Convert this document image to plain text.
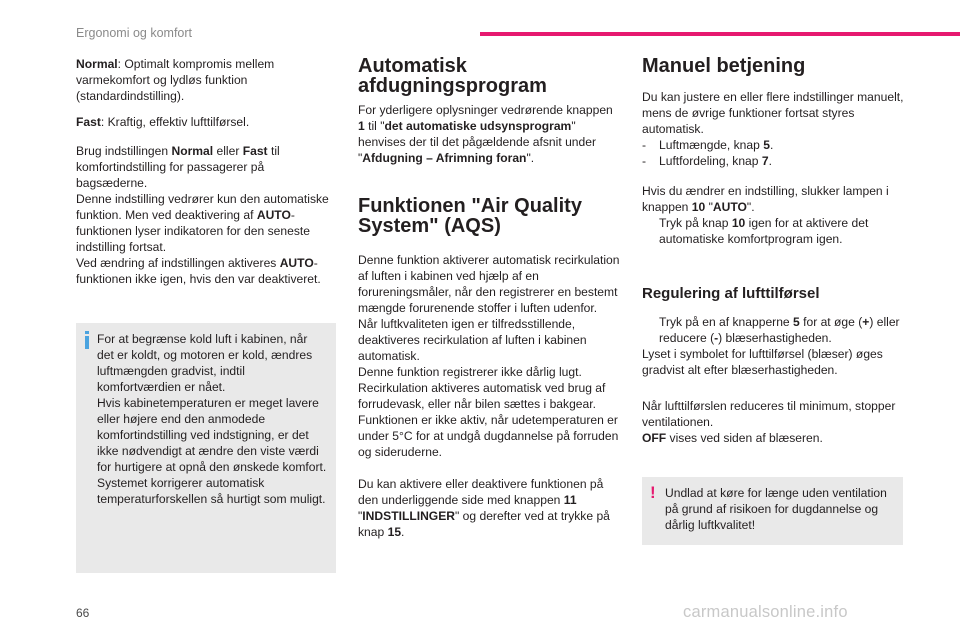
Ergonomi og komfort

Normal: Optimalt kompromis mellem varmekomfort og lydløs funktion (standardindstilling).

Fast: Kraftig, effektiv lufttilførsel.

Brug indstillingen Normal eller Fast til komfortindstilling for passagerer på bagsæderne.

Denne indstilling vedrører kun den automatiske funktion. Men ved deaktivering af AUTO-funktionen lyser indikatoren for den seneste indstilling fortsat.

Ved ændring af indstillingen aktiveres AUTO-funktionen ikke igen, hvis den var deaktiveret.

For at begrænse kold luft i kabinen, når det er koldt, og motoren er kold, ændres luftmængden gradvist, indtil komfortværdien er nået.
Hvis kabinetemperaturen er meget lavere eller højere end den anmodede komfortindstilling ved indstigning, er det ikke nødvendigt at ændre den viste værdi for hurtigere at opnå den ønskede komfort. Systemet korrigerer automatisk temperaturforskellen så hurtigt som muligt.
Automatisk afdugningsprogram

For yderligere oplysninger vedrørende knappen 1 til "det automatiske udsynsprogram" henvises der til det pågældende afsnit under "Afdugning – Afrimning foran".

Funktionen "Air Quality System" (AQS)

Denne funktion aktiverer automatisk recirkulation af luften i kabinen ved hjælp af en forureningsmåler, når den registrerer en bestemt mængde forurenende stoffer i luften udenfor.
Når luftkvaliteten igen er tilfredsstillende, deaktiveres recirkulation af luften i kabinen automatisk.
Denne funktion registrerer ikke dårlig lugt.
Recirkulation aktiveres automatisk ved brug af forrudevask, eller når bilen sættes i bakgear.
Funktionen er ikke aktiv, når udetemperaturen er under 5°C for at undgå dugdannelse på forruden og sideruderne.

Du kan aktivere eller deaktivere funktionen på den underliggende side med knappen 11 "INDSTILLINGER" og derefter ved at trykke på knap 15.

Manuel betjening

Du kan justere en eller flere indstillinger manuelt, mens de øvrige funktioner fortsat styres automatisk.

-	Luftmængde, knap 5.
-	Luftfordeling, knap 7.

Hvis du ændrer en indstilling, slukker lampen i knappen 10 "AUTO".

Tryk på knap 10 igen for at aktivere det automatiske komfortprogram igen.
Regulering af lufttilførsel
Tryk på en af knapperne 5 for at øge (+) eller reducere (-) blæserhastigheden.

Lyset i symbolet for lufttilførsel (blæser) øges gradvist alt efter blæserhastigheden.

Når lufttilførslen reduceres til minimum, stopper ventilationen.

OFF vises ved siden af blæseren.

! Undlad at køre for længe uden ventilation på grund af risikoen for dugdannelse og dårlig luftkvalitet!
66	carmanualsonline.info
